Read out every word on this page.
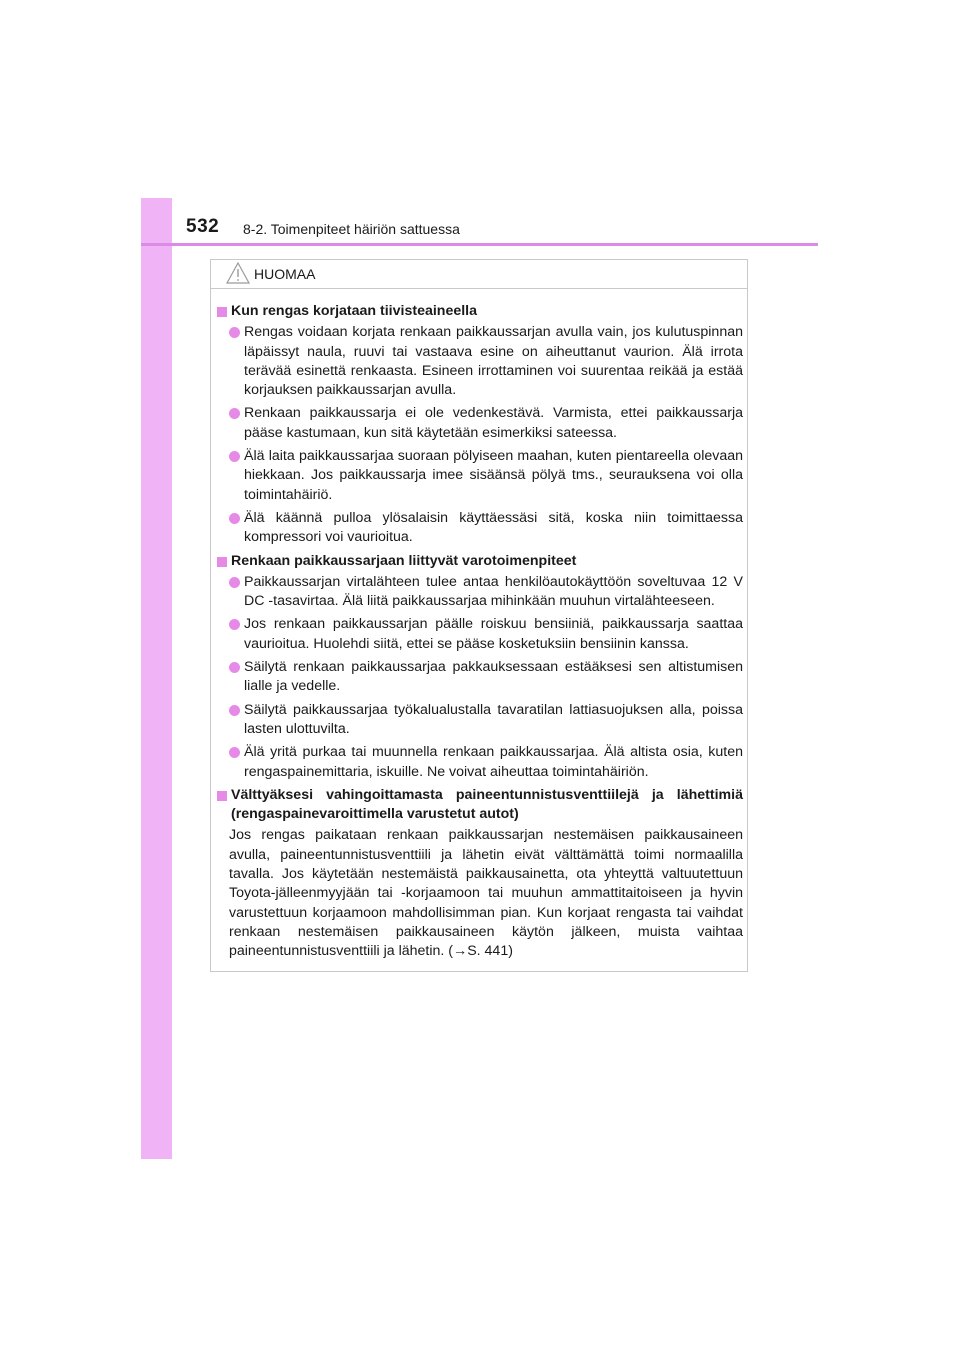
532 8-2. Toimenpiteet häiriön sattuessa
HUOMAA
Kun rengas korjataan tiivisteaineella
Rengas voidaan korjata renkaan paikkaussarjan avulla vain, jos kulutuspinnan läpäissyt naula, ruuvi tai vastaava esine on aiheuttanut vaurion. Älä irrota terävää esinettä renkaasta. Esineen irrottaminen voi suurentaa reikää ja estää korjauksen paikkaussarjan avulla.
Renkaan paikkaussarja ei ole vedenkestävä. Varmista, ettei paikkaussarja pääse kastumaan, kun sitä käytetään esimerkiksi sateessa.
Älä laita paikkaussarjaa suoraan pölyiseen maahan, kuten pientareella olevaan hiekkaan. Jos paikkaussarja imee sisäänsä pölyä tms., seurauksena voi olla toimintahäiriö.
Älä käännä pulloa ylösalaisin käyttäessäsi sitä, koska niin toimittaessa kompressori voi vaurioitua.
Renkaan paikkaussarjaan liittyvät varotoimenpiteet
Paikkaussarjan virtalähteen tulee antaa henkilöautokäyttöön soveltuvaa 12 V DC -tasavirtaa. Älä liitä paikkaussarjaa mihinkään muuhun virtalähteeseen.
Jos renkaan paikkaussarjan päälle roiskuu bensiiniä, paikkaussarja saattaa vaurioitua. Huolehdi siitä, ettei se pääse kosketuksiin bensiinin kanssa.
Säilytä renkaan paikkaussarjaa pakkauksessaan estääksesi sen altistumisen lialle ja vedelle.
Säilytä paikkaussarjaa työkalualustalla tavaratilan lattiasuojuksen alla, poissa lasten ulottuvilta.
Älä yritä purkaa tai muunnella renkaan paikkaussarjaa. Älä altista osia, kuten rengaspainemittaria, iskuille. Ne voivat aiheuttaa toimintahäiriön.
Välttyäksesi vahingoittamasta paineentunnistusventtiilejä ja lähettimiä (rengaspainevaroittimella varustetut autot)

Jos rengas paikataan renkaan paikkaussarjan nestemäisen paikkausaineen avulla, paineentunnistusventtiili ja lähetin eivät välttämättä toimi normaalilla tavalla. Jos käytetään nestemäistä paikkausainetta, ota yhteyttä valtuutettuun Toyota-jälleenmyyjään tai -korjaamoon tai muuhun ammattitaitoiseen ja hyvin varustettuun korjaamoon mahdollisimman pian. Kun korjaat rengasta tai vaihdat renkaan nestemäisen paikkausaineen käytön jälkeen, muista vaihtaa paineentunnistusventtiili ja lähetin. (→S. 441)
